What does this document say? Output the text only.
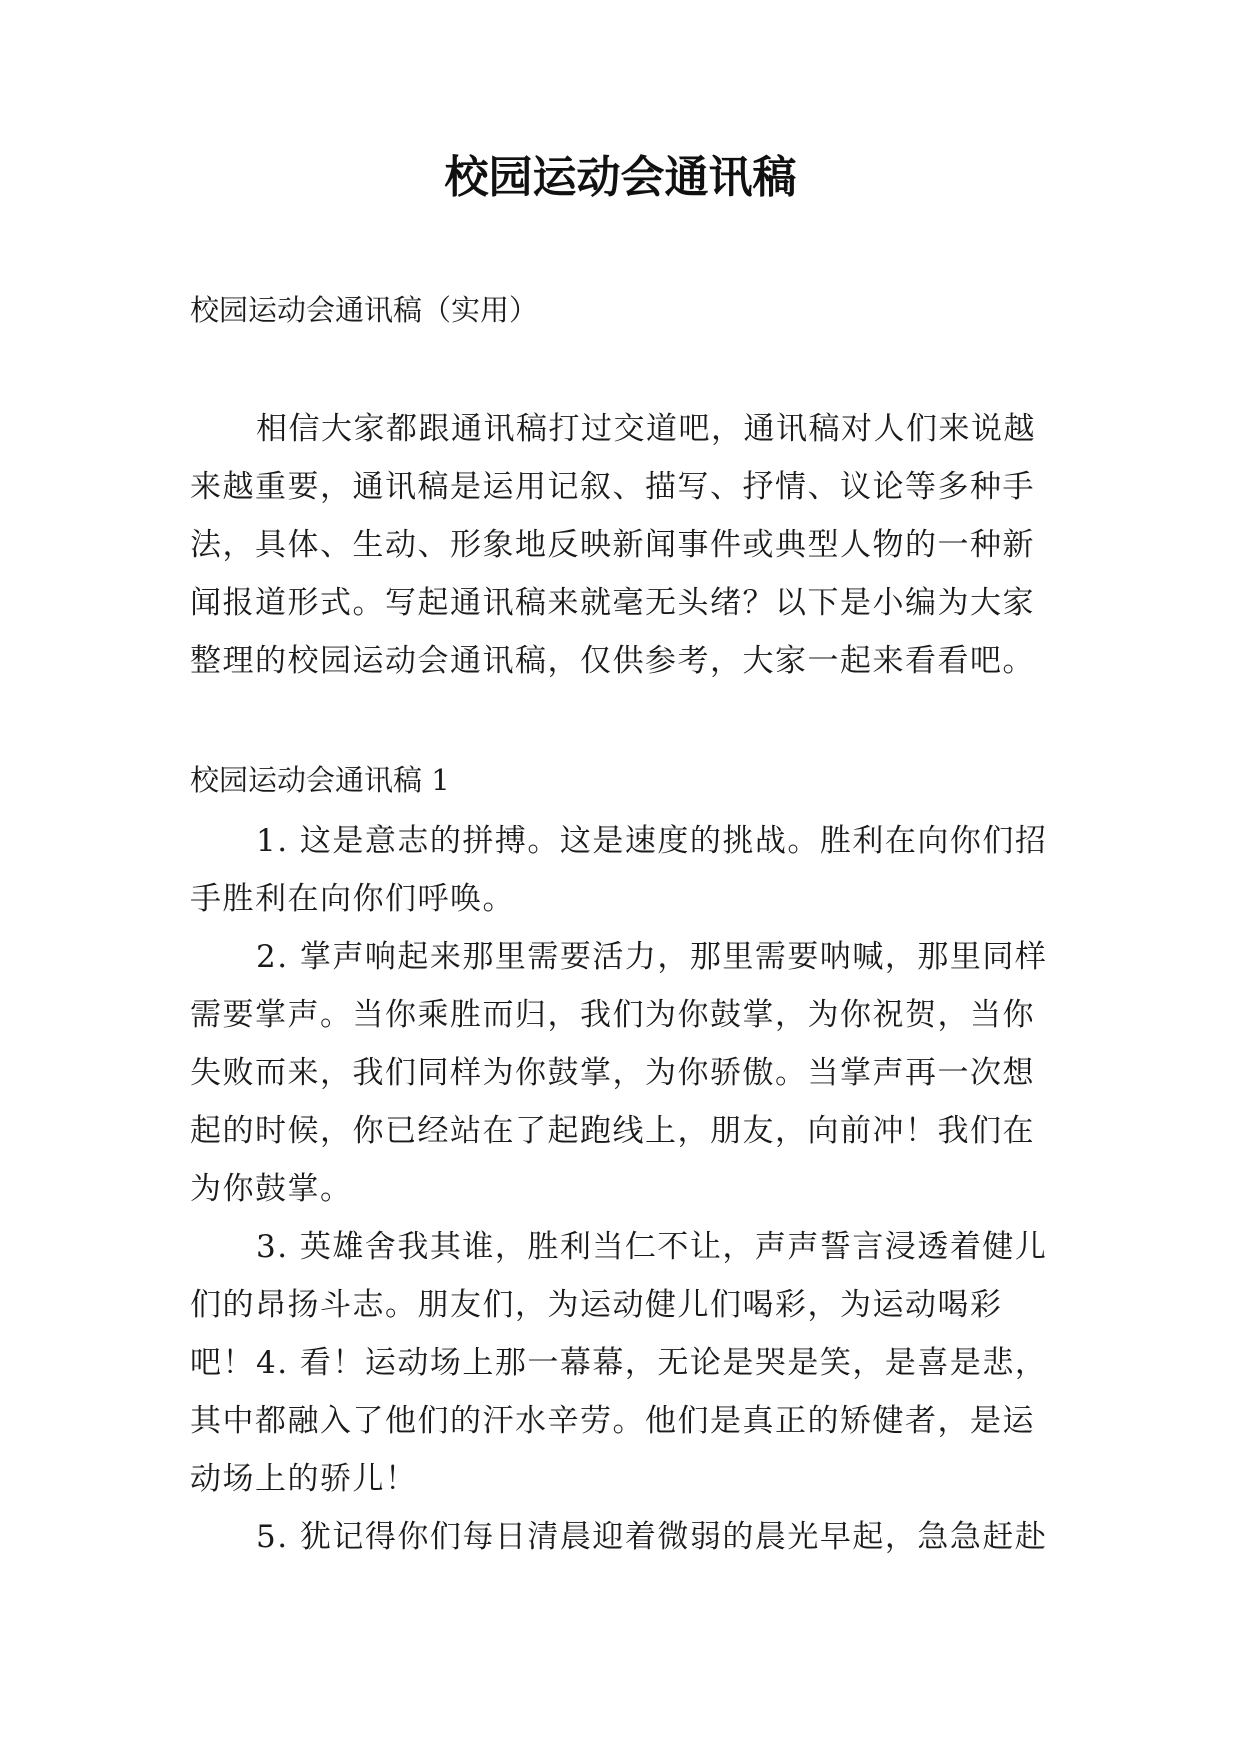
校园运动会通讯稿

校园运动会通讯稿（实用）

相信大家都跟通讯稿打过交道吧，通讯稿对人们来说越来越重要，通讯稿是运用记叙、描写、抒情、议论等多种手法，具体、生动、形象地反映新闻事件或典型人物的一种新闻报道形式。写起通讯稿来就毫无头绪？以下是小编为大家整理的校园运动会通讯稿，仅供参考，大家一起来看看吧。

校园运动会通讯稿 1

1. 这是意志的拼搏。这是速度的挑战。胜利在向你们招手胜利在向你们呼唤。

2. 掌声响起来那里需要活力，那里需要呐喊，那里同样需要掌声。当你乘胜而归，我们为你鼓掌，为你祝贺，当你失败而来，我们同样为你鼓掌，为你骄傲。当掌声再一次想起的时候，你已经站在了起跑线上，朋友，向前冲！我们在为你鼓掌。

3. 英雄舍我其谁，胜利当仁不让，声声誓言浸透着健儿们的昂扬斗志。朋友们，为运动健儿们喝彩，为运动喝彩吧！ 4. 看！运动场上那一幕幕，无论是哭是笑，是喜是悲，其中都融入了他们的汗水辛劳。他们是真正的矫健者，是运动场上的骄儿！

5. 犹记得你们每日清晨迎着微弱的晨光早起，急急赶赴
